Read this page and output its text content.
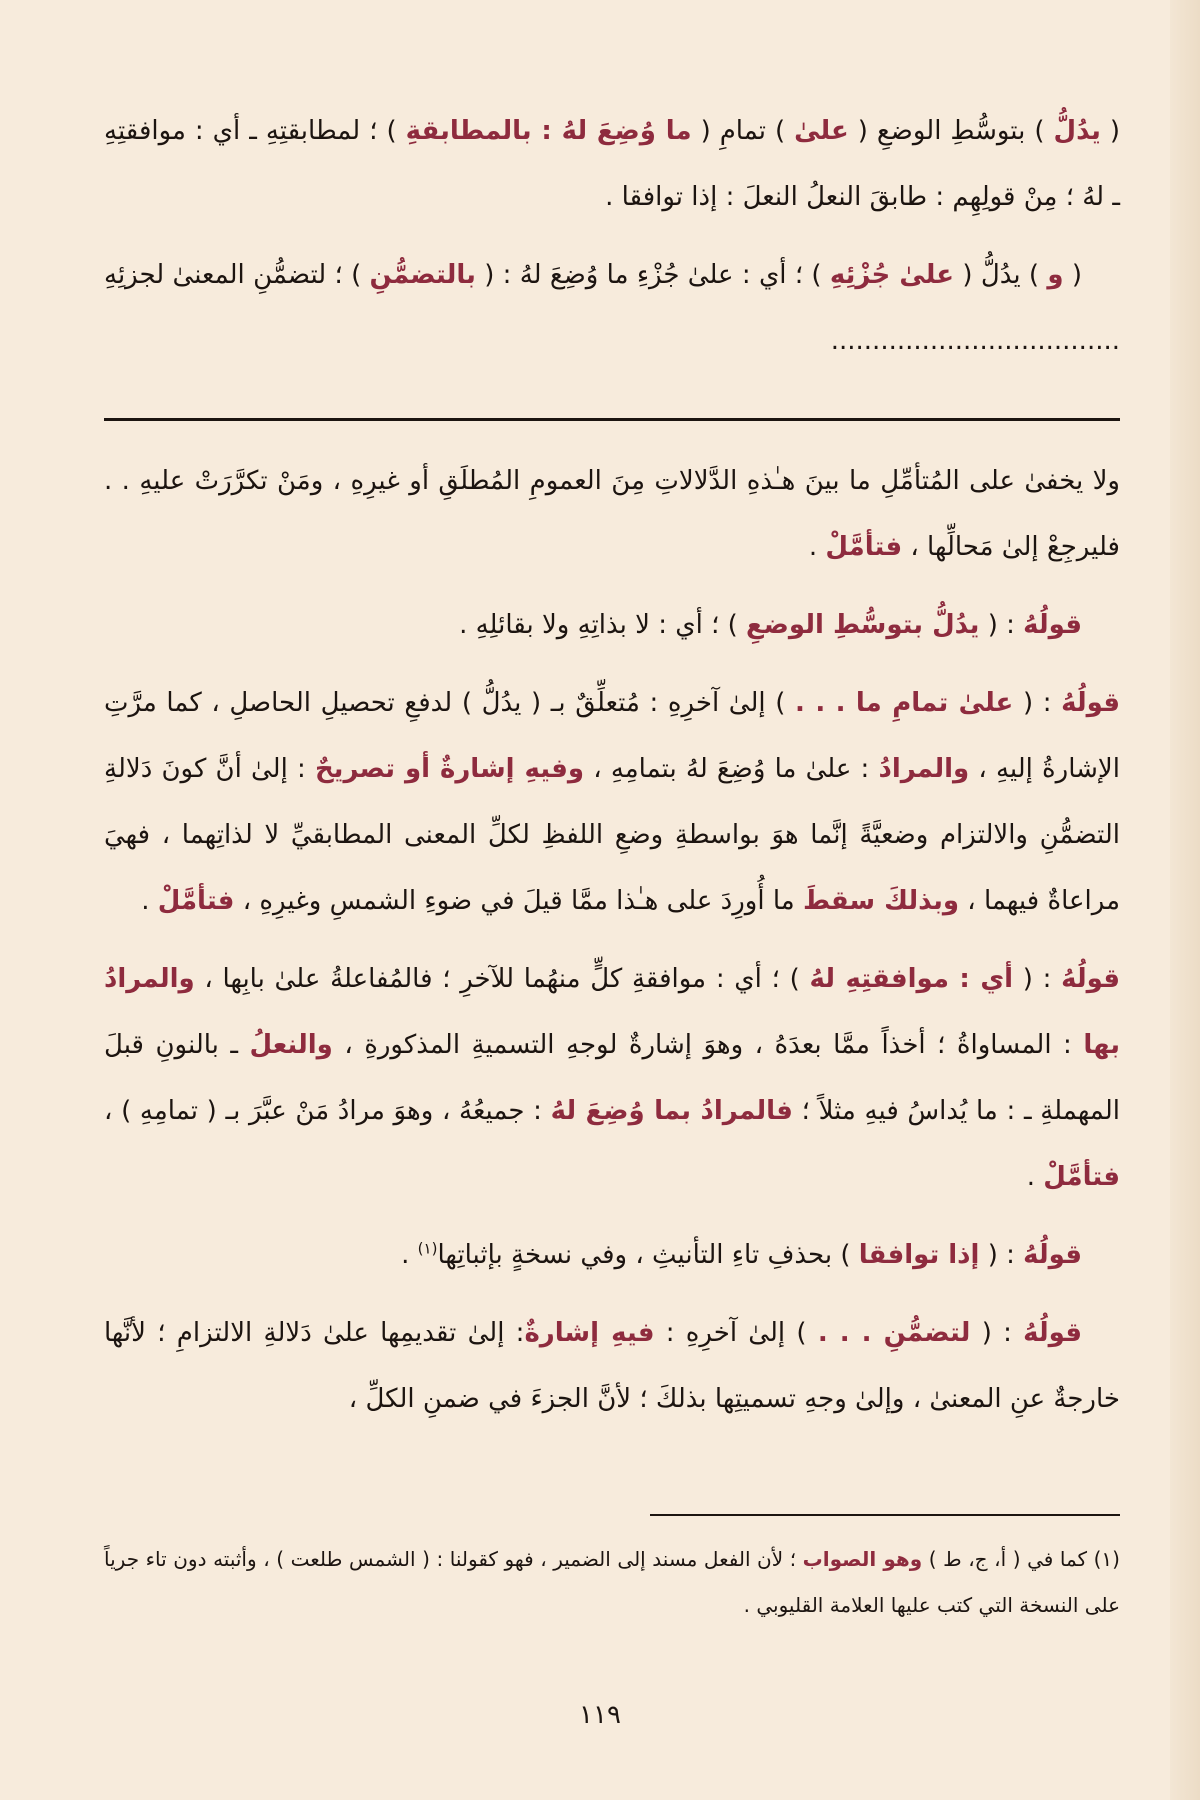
( يدُلُّ ) بتوسُّطِ الوضعِ ( علىٰ ) تمامِ ( ما وُضِعَ لهُ : بالمطابقةِ ) ؛ لمطابقتِهِ ـ أي : موافقتِهِ ـ لهُ ؛ مِنْ قولِهِم : طابقَ النعلُ النعلَ : إذا توافقا .

( و ) يدُلُّ ( علىٰ جُزْئِهِ ) ؛ أي : علىٰ جُزْءِ ما وُضِعَ لهُ : ( بالتضمُّنِ ) ؛ لتضمُّنِ المعنىٰ لجزئِهِ ...................................

ولا يخفىٰ على المُتأمِّلِ ما بينَ هـٰذهِ الدَّلالاتِ مِنَ العمومِ المُطلَقِ أو غيرِهِ ، ومَنْ تكرَّرَتْ عليهِ . . فليرجِعْ إلىٰ مَحالِّها ، فتأمَّلْ .

قولُهُ : ( يدُلُّ بتوسُّطِ الوضعِ ) ؛ أي : لا بذاتِهِ ولا بقائلِهِ .

قولُهُ : ( علىٰ تمامِ ما . . . ) إلىٰ آخرِهِ : مُتعلِّقٌ بـ ( يدُلُّ ) لدفعِ تحصيلِ الحاصلِ ، كما مرَّتِ الإشارةُ إليهِ ، والمرادُ : علىٰ ما وُضِعَ لهُ بتمامِهِ ، وفيهِ إشارةٌ أو تصريحٌ : إلىٰ أنَّ كونَ دَلالةِ التضمُّنِ والالتزام وضعيَّةً إنَّما هوَ بواسطةِ وضعِ اللفظِ لكلِّ المعنى المطابقيِّ لا لذاتِهما ، فهيَ مراعاةٌ فيهما ، وبذلكَ سقطَ ما أُورِدَ على هـٰذا ممَّا قيلَ في ضوءِ الشمسِ وغيرِهِ ، فتأمَّلْ .

قولُهُ : ( أي : موافقتِهِ لهُ ) ؛ أي : موافقةِ كلٍّ منهُما للآخرِ ؛ فالمُفاعلةُ علىٰ بابِها ، والمرادُ بها : المساواةُ ؛ أخذاً ممَّا بعدَهُ ، وهوَ إشارةٌ لوجهِ التسميةِ المذكورةِ ، والنعلُ ـ بالنونِ قبلَ المهملةِ ـ : ما يُداسُ فيهِ مثلاً ؛ فالمرادُ بما وُضِعَ لهُ : جميعُهُ ، وهوَ مرادُ مَنْ عبَّرَ بـ ( تمامِهِ ) ، فتأمَّلْ .

قولُهُ : ( إذا توافقا ) بحذفِ تاءِ التأنيثِ ، وفي نسخةٍ بإثباتِها$^{(١)}$ .

قولُهُ : ( لتضمُّنِ . . . ) إلىٰ آخرِهِ : فيهِ إشارةٌ: إلىٰ تقديمِها علىٰ دَلالةِ الالتزامِ ؛ لأنَّها خارجةٌ عنِ المعنىٰ ، وإلىٰ وجهِ تسميتِها بذلكَ ؛ لأنَّ الجزءَ في ضمنِ الكلِّ ،

(١) كما في ( أ، ج، ط ) وهو الصواب ؛ لأن الفعل مسند إلى الضمير ، فهو كقولنا : ( الشمس طلعت ) ، وأثبته دون تاء جرياً على النسخة التي كتب عليها العلامة القليوبي .

١١٩
